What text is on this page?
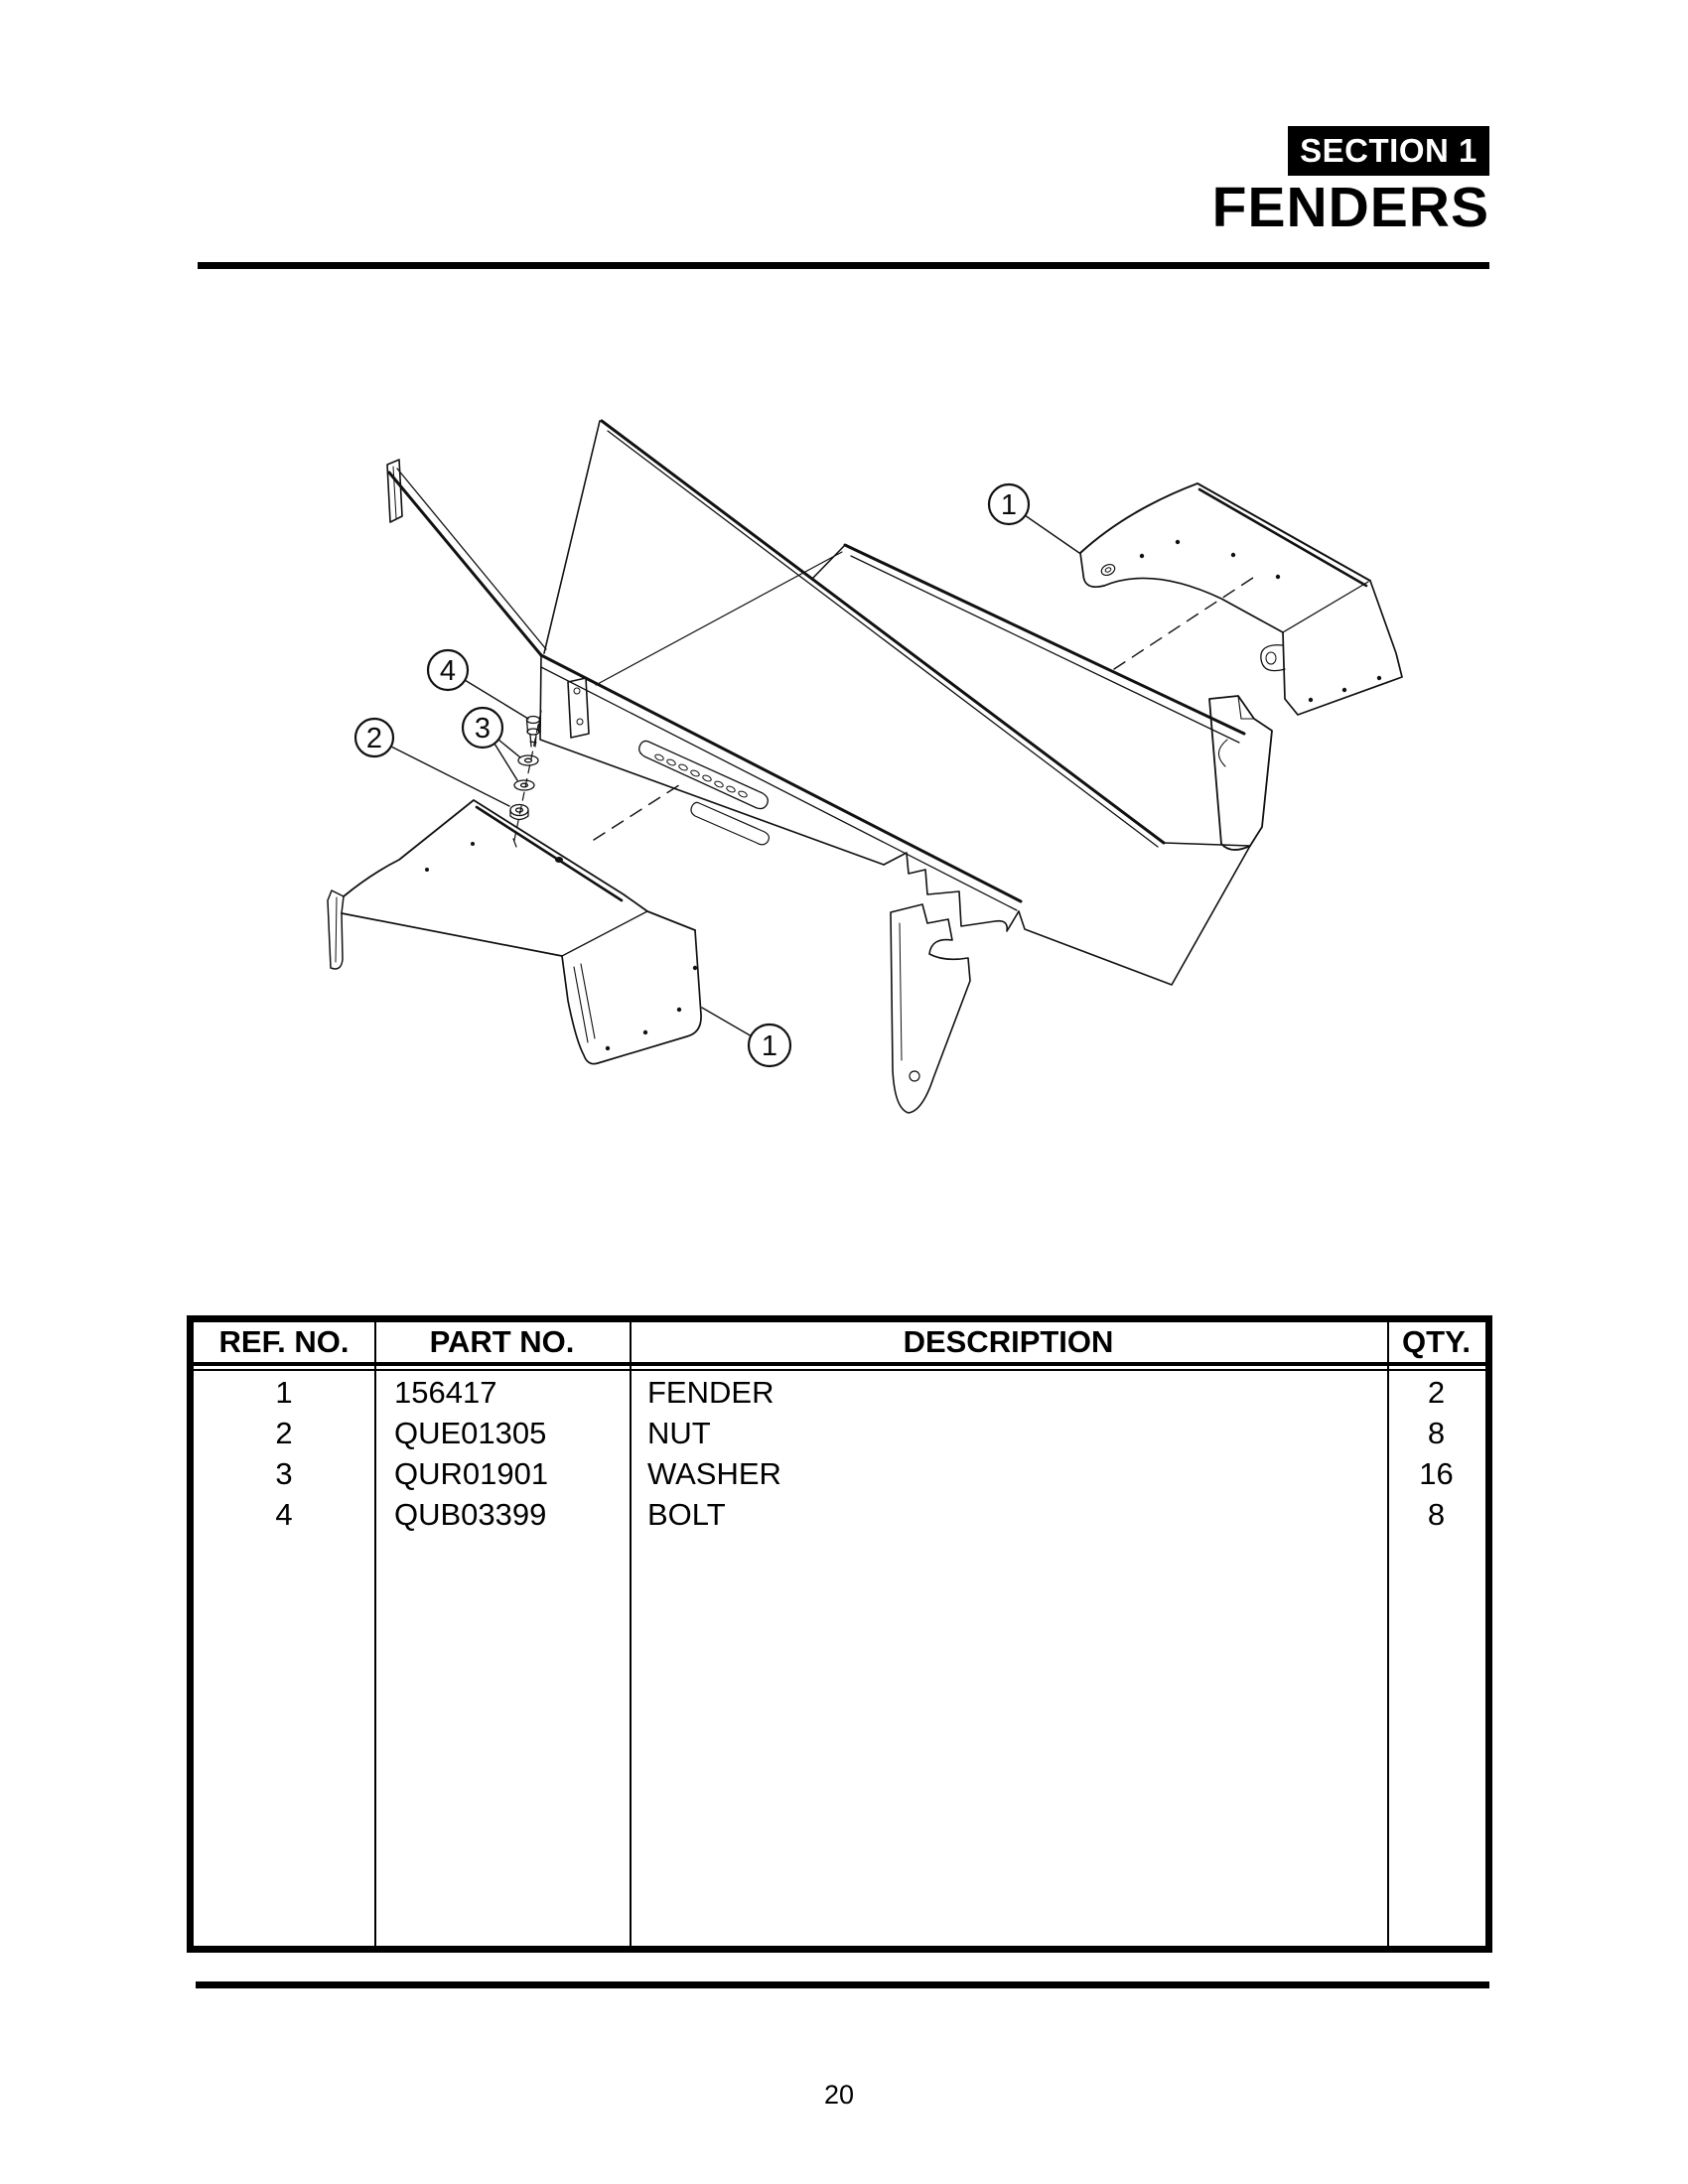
SECTION 1
FENDERS
1
4
3
2
1
REF. NO.	PART NO.	DESCRIPTION	QTY.
1	156417	FENDER	2
2	QUE01305	NUT	8
3	QUR01901	WASHER	16
4	QUB03399	BOLT	8
20
